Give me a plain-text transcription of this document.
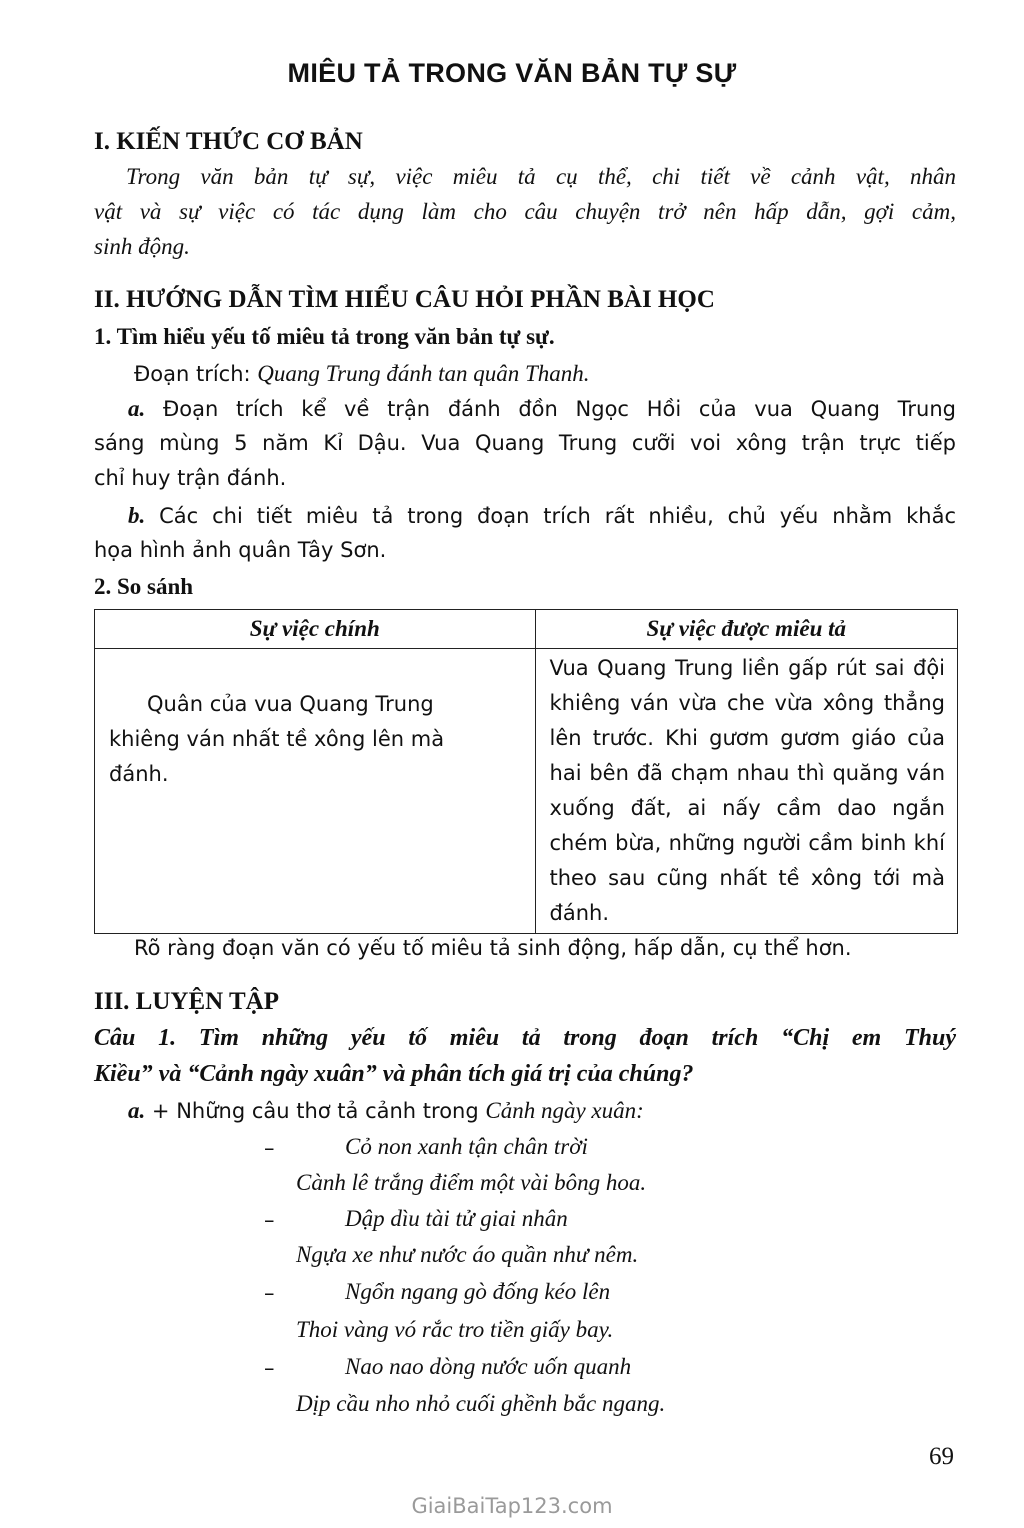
MIÊU TẢ TRONG VĂN BẢN TỰ SỰ
I. KIẾN THỨC CƠ BẢN
Trong văn bản tự sự, việc miêu tả cụ thể, chi tiết về cảnh vật, nhân
vật và sự việc có tác dụng làm cho câu chuyện trở nên hấp dẫn, gợi cảm,
sinh động.
II. HƯỚNG DẪN TÌM HIỂU CÂU HỎI PHẦN BÀI HỌC
1. Tìm hiểu yếu tố miêu tả trong văn bản tự sự.
Đoạn trích: Quang Trung đánh tan quân Thanh.
a. Đoạn trích kể về trận đánh đồn Ngọc Hồi của vua Quang Trung
sáng mùng 5 năm Kỉ Dậu. Vua Quang Trung cưỡi voi xông trận trực tiếp
chỉ huy trận đánh.
b. Các chi tiết miêu tả trong đoạn trích rất nhiều, chủ yếu nhằm khắc
họa hình ảnh quân Tây Sơn.
2. So sánh
Sự việc chính	Sự việc được miêu tả

Quân của vua Quang Trung khiêng ván nhất tề xông lên mà đánh.	Vua Quang Trung liền gấp rút sai đội khiêng ván vừa che vừa xông thẳng lên trước. Khi gươm gươm giáo của hai bên đã chạm nhau thì quăng ván xuống đất, ai nấy cầm dao ngắn chém bừa, những người cầm binh khí theo sau cũng nhất tề xông tới mà đánh.
Rõ ràng đoạn văn có yếu tố miêu tả sinh động, hấp dẫn, cụ thể hơn.
III. LUYỆN TẬP
Câu 1. Tìm những yếu tố miêu tả trong đoạn trích “Chị em Thuý
Kiều” và “Cảnh ngày xuân” và phân tích giá trị của chúng?
a. + Những câu thơ tả cảnh trong Cảnh ngày xuân:
–	Cỏ non xanh tận chân trời
Cành lê trắng điểm một vài bông hoa.
–	Dập dìu tài tử giai nhân
Ngựa xe như nước áo quần như nêm.
–	Ngổn ngang gò đống kéo lên
Thoi vàng vó rắc tro tiền giấy bay.
–	Nao nao dòng nước uốn quanh
Dịp cầu nho nhỏ cuối ghềnh bắc ngang.
69
GiaiBaiTap123.com
